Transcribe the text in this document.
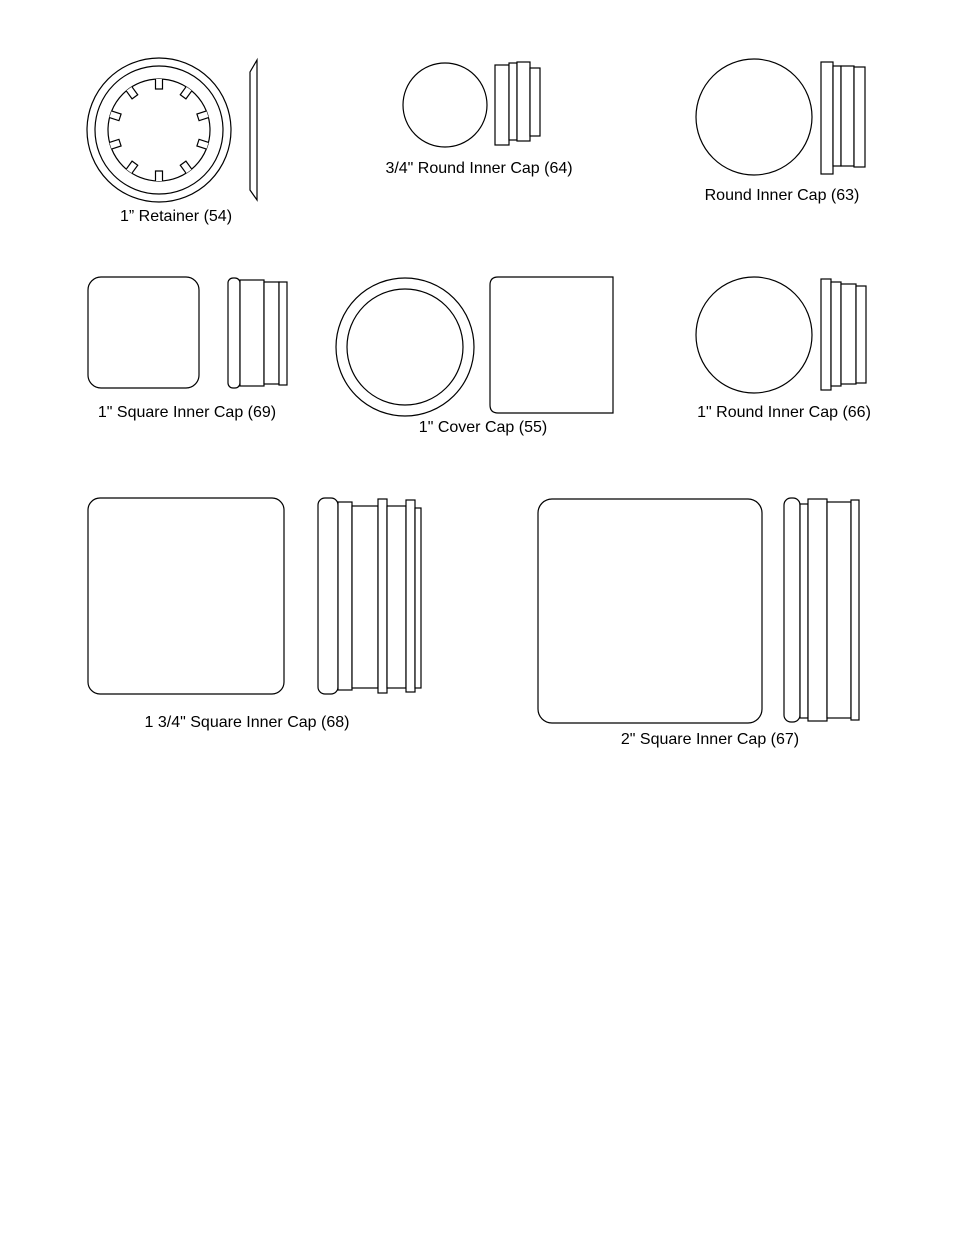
1” Retainer (54)
3/4" Round Inner Cap (64)
Round Inner Cap (63)
1" Square Inner Cap (69)
1" Cover Cap (55)
1" Round Inner Cap (66)
1 3/4" Square Inner Cap (68)
2" Square Inner Cap (67)
